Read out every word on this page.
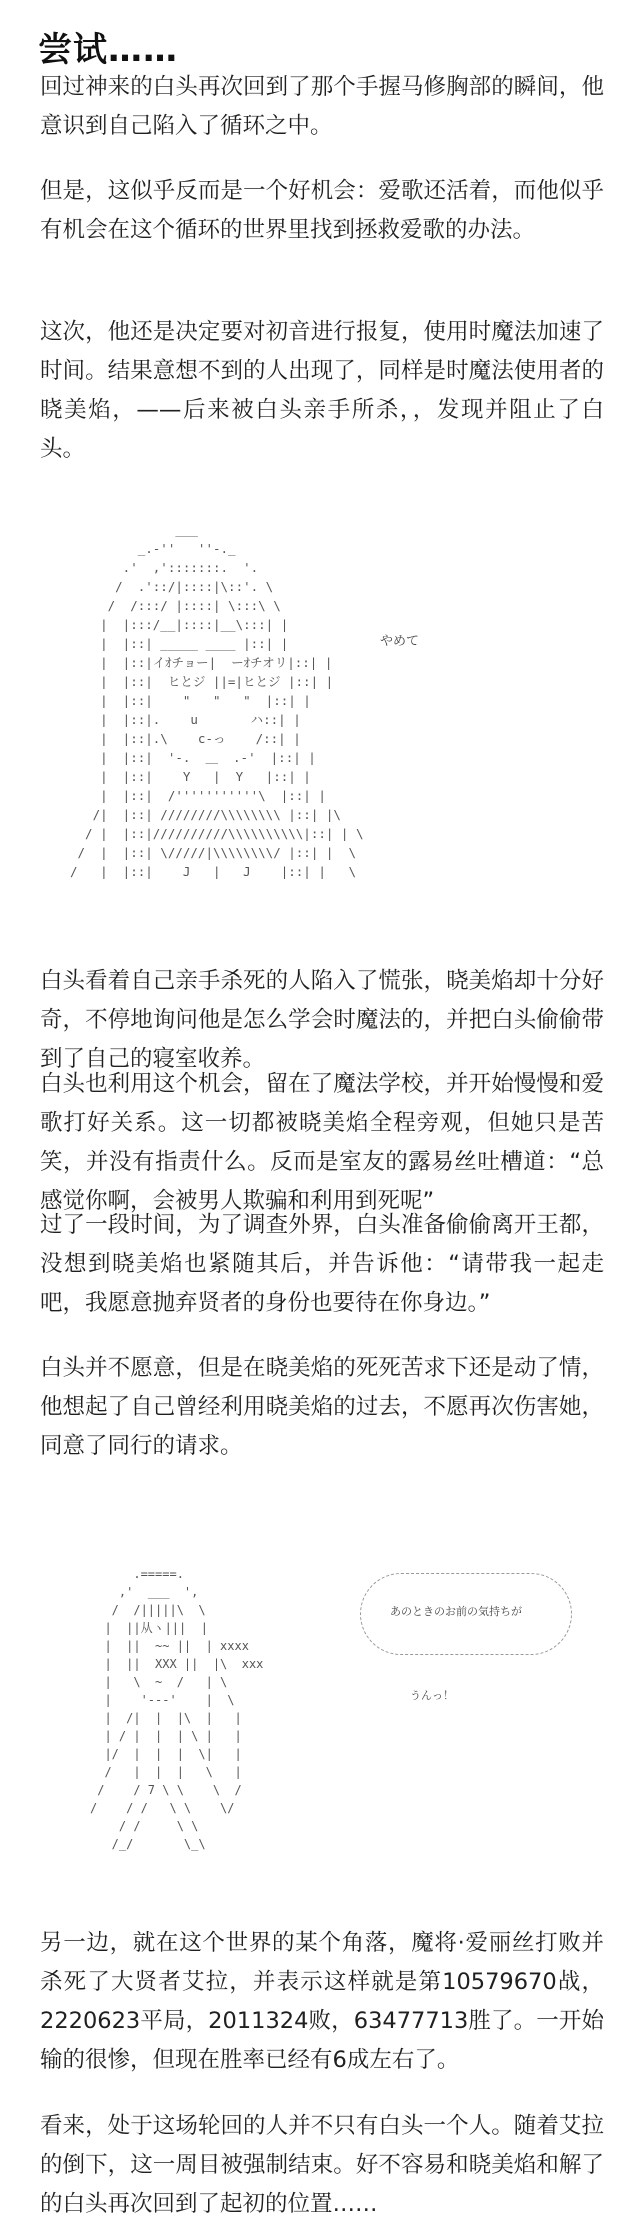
尝试……

回过神来的白头再次回到了那个手握马修胸部的瞬间，他意识到自己陷入了循环之中。

但是，这似乎反而是一个好机会：爱歌还活着，而他似乎有机会在这个循环的世界里找到拯救爱歌的办法。

这次，他还是决定要对初音进行报复，使用时魔法加速了时间。结果意想不到的人出现了，同样是时魔法使用者的晓美焰，——后来被白头亲手所杀，，发现并阻止了白头。

___
_.-''   ''-._
.'  ,':::::::.  '.
/  .'::/|::::|\::'. \
/  /:::/ |::::| \:::\ \
|  |:::/__|::::|__\:::| |
|  |::| _____ ____ |::| |
|  |::|イｵチョー|  ーｵチオリ|::| |
|  |::|  ヒとジ ||=|ヒとジ |::| |
|  |::|    "   "   "  |::| |
|  |::|.    u       ハ::| |
|  |::|.\    c-っ    /::| |
|  |::|  '-.  ＿  .-'  |::| |
|  |::|    Y   |  Y   |::| |
|  |::|  /'''''''''''\  |::| |
/|  |::| ////////\\\\\\\\ |::| |\
/ |  |::|//////////\\\\\\\\\\|::| | \
/  |  |::| \/////|\\\\\\\\/ |::| |  \
/   |  |::|    J   |   J    |::| |   \
やめて

白头看着自己亲手杀死的人陷入了慌张，晓美焰却十分好奇，不停地询问他是怎么学会时魔法的，并把白头偷偷带到了自己的寝室收养。

白头也利用这个机会，留在了魔法学校，并开始慢慢和爱歌打好关系。这一切都被晓美焰全程旁观，但她只是苦笑，并没有指责什么。反而是室友的露易丝吐槽道：“总感觉你啊，会被男人欺骗和利用到死呢”

过了一段时间，为了调查外界，白头准备偷偷离开王都，没想到晓美焰也紧随其后，并告诉他：“请带我一起走吧，我愿意抛弃贤者的身份也要待在你身边。”

白头并不愿意，但是在晓美焰的死死苦求下还是动了情，他想起了自己曾经利用晓美焰的过去，不愿再次伤害她，同意了同行的请求。

.=====.
,'  ___  ',
/  /|||||\  \
|  ||从ヽ|||  |
|  ||  ~~ ||  | xxxx
|  ||  XXX ||  |\  xxx
|   \  ~  /   | \
|    '---'    |  \
|  /|  |  |\  |   |
| / |  |  | \ |   |
|/  |  |  |  \|   |
/   |  |  |   \   |
/    / 7 \ \    \  /
/    / /   \ \    \/
/ /     \ \
/_/       \_\
あのときのお前の気持ちが
うんっ！

另一边，就在这个世界的某个角落，魔将·爱丽丝打败并杀死了大贤者艾拉，并表示这样就是第10579670战，2220623平局，2011324败，63477713胜了。一开始输的很惨，但现在胜率已经有6成左右了。

看来，处于这场轮回的人并不只有白头一个人。随着艾拉的倒下，这一周目被强制结束。好不容易和晓美焰和解了的白头再次回到了起初的位置……
